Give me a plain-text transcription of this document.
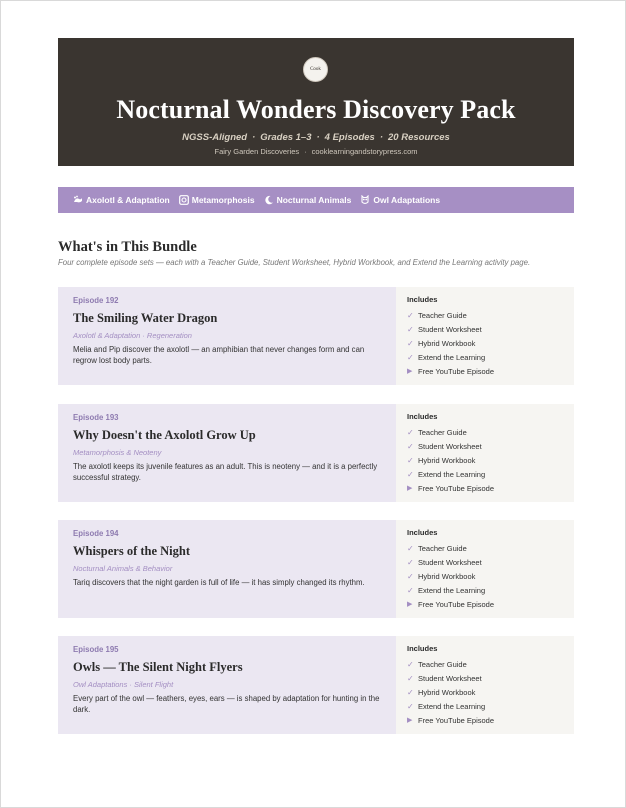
Cook
Nocturnal Wonders Discovery Pack
NGSS-Aligned · Grades 1–3 · 4 Episodes · 20 Resources
Fairy Garden Discoveries · cooklearningandstorypress.com
Axolotl & Adaptation	Metamorphosis	Nocturnal Animals	Owl Adaptations
What's in This Bundle
Four complete episode sets — each with a Teacher Guide, Student Worksheet, Hybrid Workbook, and Extend the Learning activity page.
Episode 192
The Smiling Water Dragon
Axolotl & Adaptation · Regeneration
Melia and Pip discover the axolotl — an amphibian that never changes form and can regrow lost body parts.
Includes
✓ Teacher Guide
✓ Student Worksheet
✓ Hybrid Workbook
✓ Extend the Learning
▶ Free YouTube Episode
Episode 193
Why Doesn't the Axolotl Grow Up
Metamorphosis & Neoteny
The axolotl keeps its juvenile features as an adult. This is neoteny — and it is a perfectly successful strategy.
Includes
✓ Teacher Guide
✓ Student Worksheet
✓ Hybrid Workbook
✓ Extend the Learning
▶ Free YouTube Episode
Episode 194
Whispers of the Night
Nocturnal Animals & Behavior
Tariq discovers that the night garden is full of life — it has simply changed its rhythm.
Includes
✓ Teacher Guide
✓ Student Worksheet
✓ Hybrid Workbook
✓ Extend the Learning
▶ Free YouTube Episode
Episode 195
Owls — The Silent Night Flyers
Owl Adaptations · Silent Flight
Every part of the owl — feathers, eyes, ears — is shaped by adaptation for hunting in the dark.
Includes
✓ Teacher Guide
✓ Student Worksheet
✓ Hybrid Workbook
✓ Extend the Learning
▶ Free YouTube Episode
